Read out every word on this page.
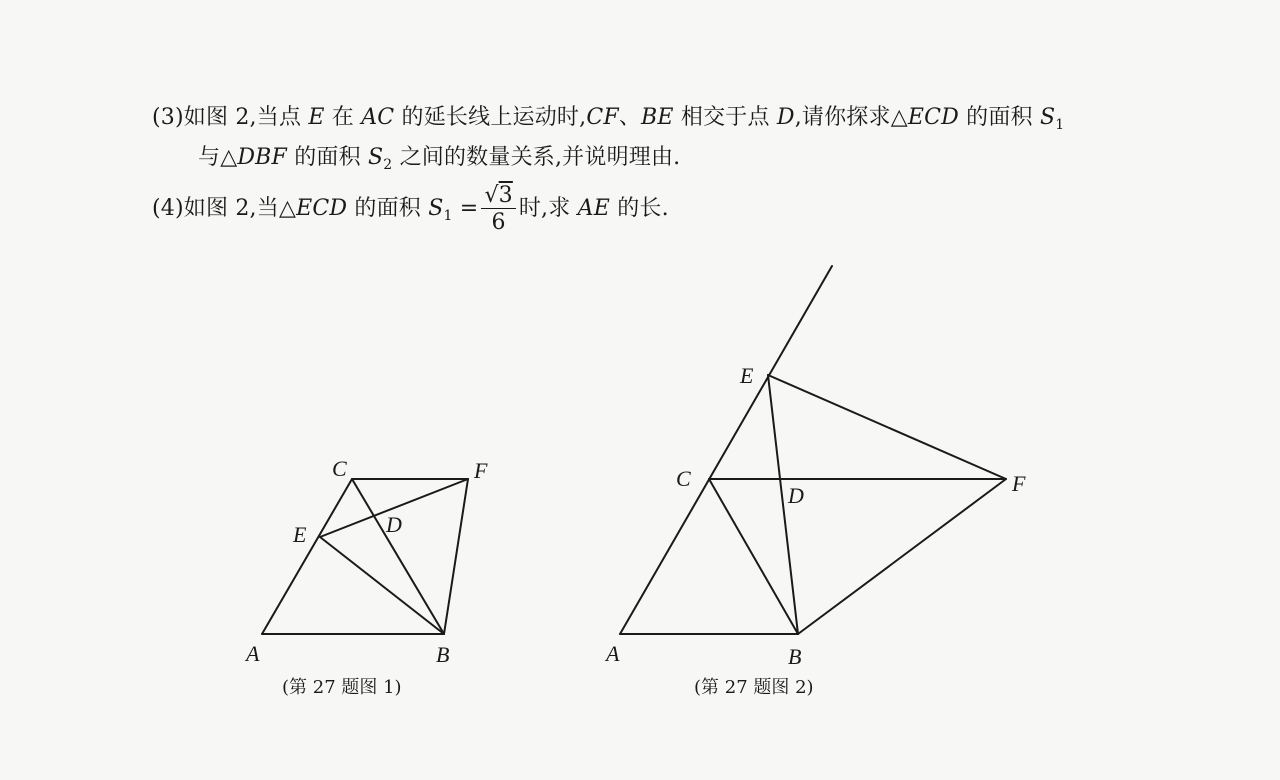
(3)如图 2,当点 E 在 AC 的延长线上运动时,CF、BE 相交于点 D,请你探求△ECD 的面积 $S_1$
与△DBF 的面积 $S_2$ 之间的数量关系,并说明理由.
(4)如图 2,当△ECD 的面积 $S_1 = \frac{√3}{6}$ 时,求 AE 的长.
A	B
C
D
E
F
(第 27 题图 1)
A	B
C
D
E
F
(第 27 题图 2)
